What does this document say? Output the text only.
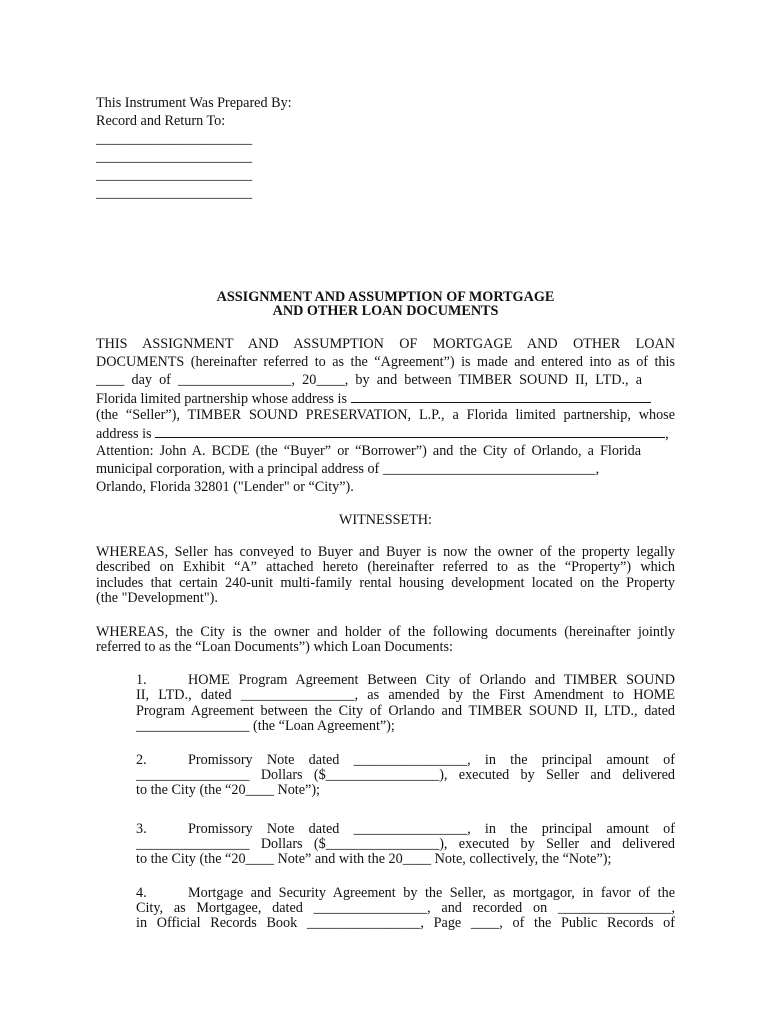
This Instrument Was Prepared By:
Record and Return To:
______________________
______________________
______________________
______________________
ASSIGNMENT AND ASSUMPTION OF MORTGAGE
AND OTHER LOAN DOCUMENTS
THIS ASSIGNMENT AND ASSUMPTION OF MORTGAGE AND OTHER LOAN
DOCUMENTS (hereinafter referred to as the “Agreement”) is made and entered into as of this
____ day of ________________, 20____, by and between TIMBER SOUND II, LTD., a
Florida limited partnership whose address is
(the “Seller”), TIMBER SOUND PRESERVATION, L.P., a Florida limited partnership, whose
address is	,
Attention: John A. BCDE (the “Buyer” or “Borrower”) and the City of Orlando, a Florida
municipal corporation, with a principal address of ______________________________,
Orlando, Florida 32801 ("Lender" or “City”).
WITNESSETH:
WHEREAS, Seller has conveyed to Buyer and Buyer is now the owner of the property legally
described on Exhibit “A” attached hereto (hereinafter referred to as the “Property”) which
includes that certain 240-unit multi-family rental housing development located on the Property
(the "Development").
WHEREAS, the City is the owner and holder of the following documents (hereinafter jointly
referred to as the “Loan Documents”) which Loan Documents:
1.	HOME Program Agreement Between City of Orlando and TIMBER SOUND
II, LTD., dated ________________, as amended by the First Amendment to HOME
Program Agreement between the City of Orlando and TIMBER SOUND II, LTD., dated
________________ (the “Loan Agreement”);
2.	Promissory Note dated ________________, in the principal amount of
________________ Dollars ($________________), executed by Seller and delivered
to the City (the “20____ Note”);
3.	Promissory Note dated ________________, in the principal amount of
________________ Dollars ($________________), executed by Seller and delivered
to the City (the “20____ Note” and with the 20____ Note, collectively, the “Note”);
4.	Mortgage and Security Agreement by the Seller, as mortgagor, in favor of the
City, as Mortgagee, dated ________________, and recorded on ________________,
in Official Records Book ________________, Page ____, of the Public Records of
